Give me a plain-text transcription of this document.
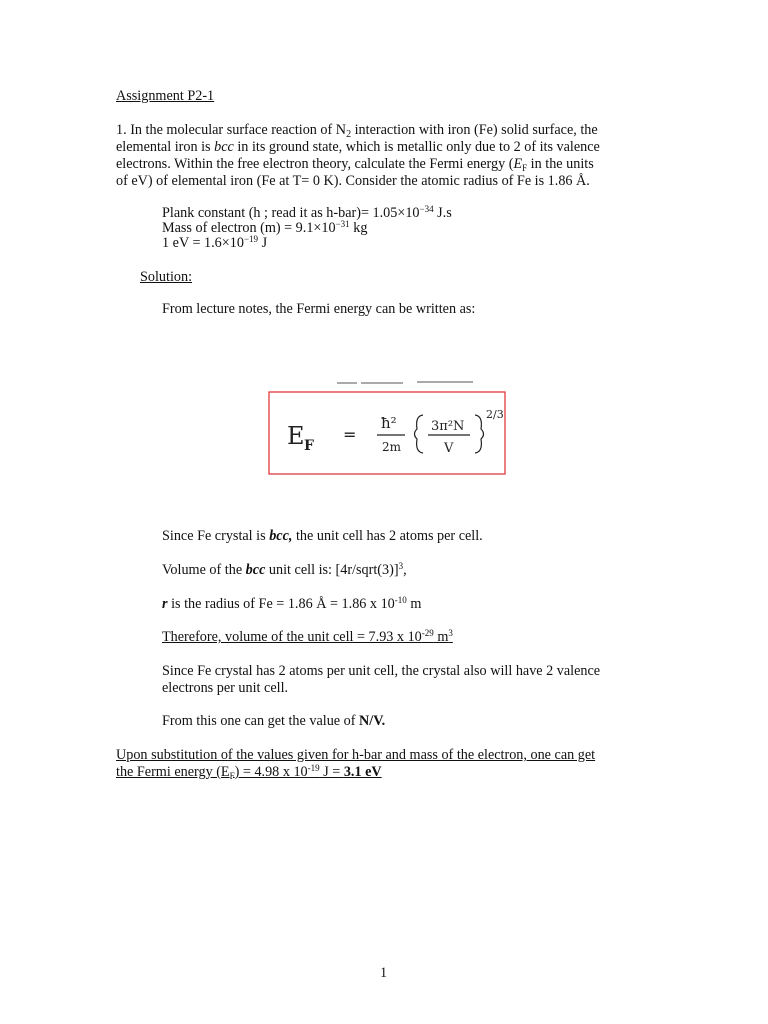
Assignment P2-1

1. In the molecular surface reaction of $N_2$ interaction with iron (Fe) solid surface, the

elemental iron is bcc in its ground state, which is metallic only due to 2 of its valence

electrons. Within the free electron theory, calculate the Fermi energy ($E_F$ in the units

of eV) of elemental iron (Fe at T= 0 K). Consider the atomic radius of Fe is 1.86 Å.

Plank constant (h ; read it as $h-bar)= 1.05\times 10^{-34}$ J.s

Mass of electron $(m) = 9.1\times 10^{-31}$ kg

1 eV = $1.6\times 10^{-19}$ J

Solution:
From lecture notes, the Fermi energy can be written as:
E F
=
ħ²
2m
3π²N
V
2/3
Since Fe crystal is bcc, the unit cell has 2 atoms per cell.
Volume of the bcc unit cell is: [4r/sqrt(3)]$^3$,
r is the radius of Fe = 1.86 Å = 1.86 x $10^{-10}$ m
Therefore, volume of the unit cell = 7.93 x $10^{-29}$ $m^3$

Since Fe crystal has 2 atoms per unit cell, the crystal also will have 2 valence

electrons per unit cell.

From this one can get the value of N/V.

Upon substitution of the values given for h-bar and mass of the electron, one can get

the Fermi energy $(E_F) = 4.98$ x $10^{-19}$ J = 3.1 eV

1
